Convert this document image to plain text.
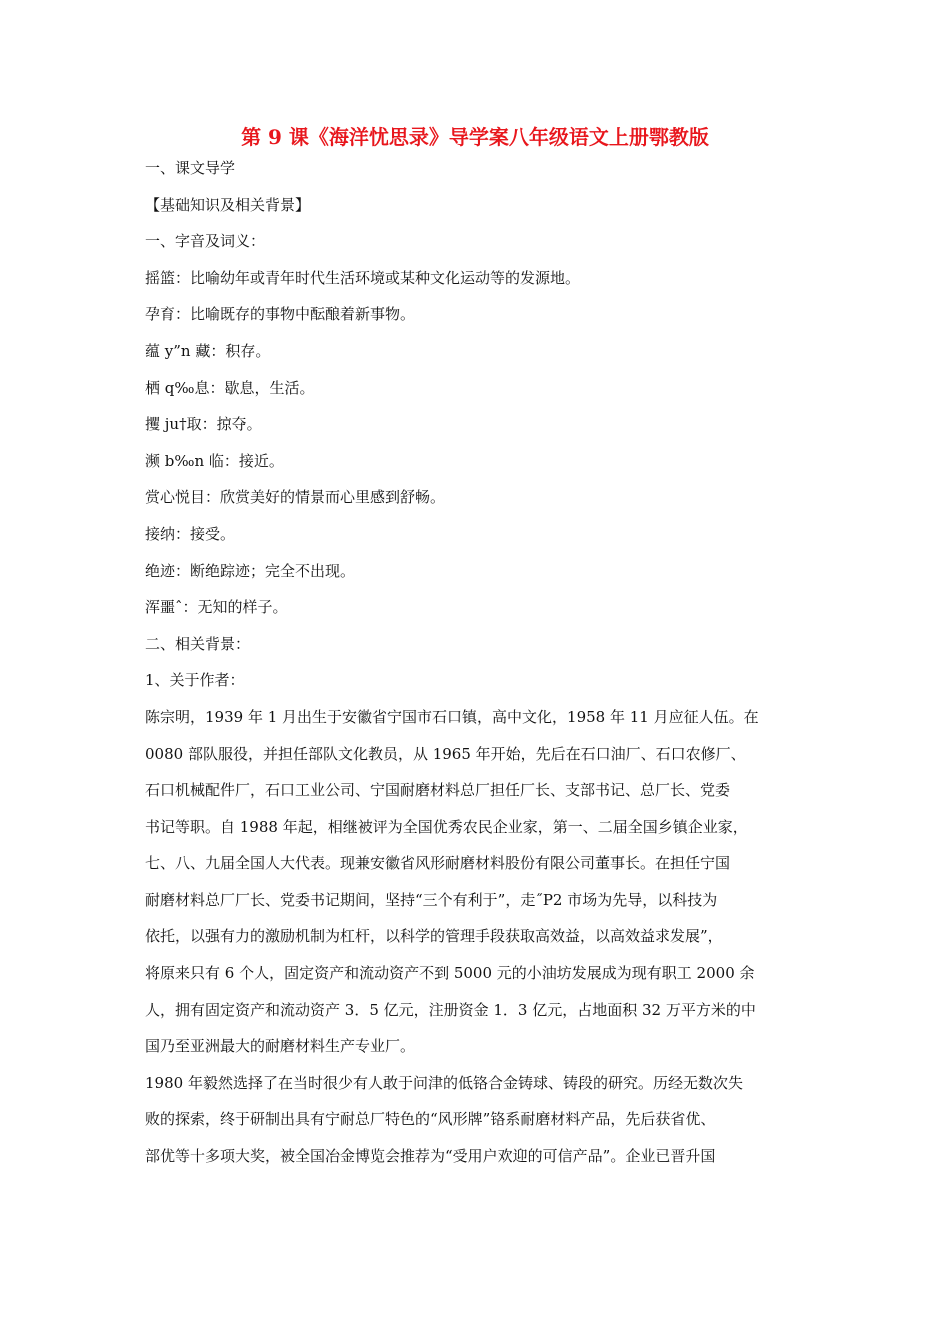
第 9 课《海洋忧思录》导学案八年级语文上册鄂教版
一、课文导学
【基础知识及相关背景】
一、字音及词义：
摇篮：比喻幼年或青年时代生活环境或某种文化运动等的发源地。
孕育：比喻既存的事物中酝酿着新事物。
蕴 y”n 藏：积存。
栖 q‰息：歇息，生活。
攫 ju†取：掠夺。
濒 b‰n 临：接近。
赏心悦目：欣赏美好的情景而心里感到舒畅。
接纳：接受。
绝迹：断绝踪迹；完全不出现。
浑噩ˆ：无知的样子。
二、相关背景：
1、关于作者：
陈宗明，1939 年 1 月出生于安徽省宁国市石口镇，高中文化，1958 年 11 月应征人伍。在
0080 部队服役，并担任部队文化教员，从 1965 年开始，先后在石口油厂、石口农修厂、
石口机械配件厂，石口工业公司、宁国耐磨材料总厂担任厂长、支部书记、总厂长、党委
书记等职。自 1988 年起，相继被评为全国优秀农民企业家，第一、二届全国乡镇企业家，
七、八、九届全国人大代表。现兼安徽省风形耐磨材料股份有限公司董事长。在担任宁国
耐磨材料总厂厂长、党委书记期间，坚持“三个有利于”，走˝P2 市场为先导，以科技为
依托，以强有力的激励机制为杠杆，以科学的管理手段获取高效益，以高效益求发展”，
将原来只有 6 个人，固定资产和流动资产不到 5000 元的小油坊发展成为现有职工 2000 余
人，拥有固定资产和流动资产 3．5 亿元，注册资金 1．3 亿元，占地面积 32 万平方米的中
国乃至亚洲最大的耐磨材料生产专业厂。
1980 年毅然选择了在当时很少有人敢于问津的低铬合金铸球、铸段的研究。历经无数次失
败的探索，终于研制出具有宁耐总厂特色的“风形牌”铬系耐磨材料产品，先后获省优、
部优等十多项大奖，被全国冶金博览会推荐为“受用户欢迎的可信产品”。企业已晋升国
